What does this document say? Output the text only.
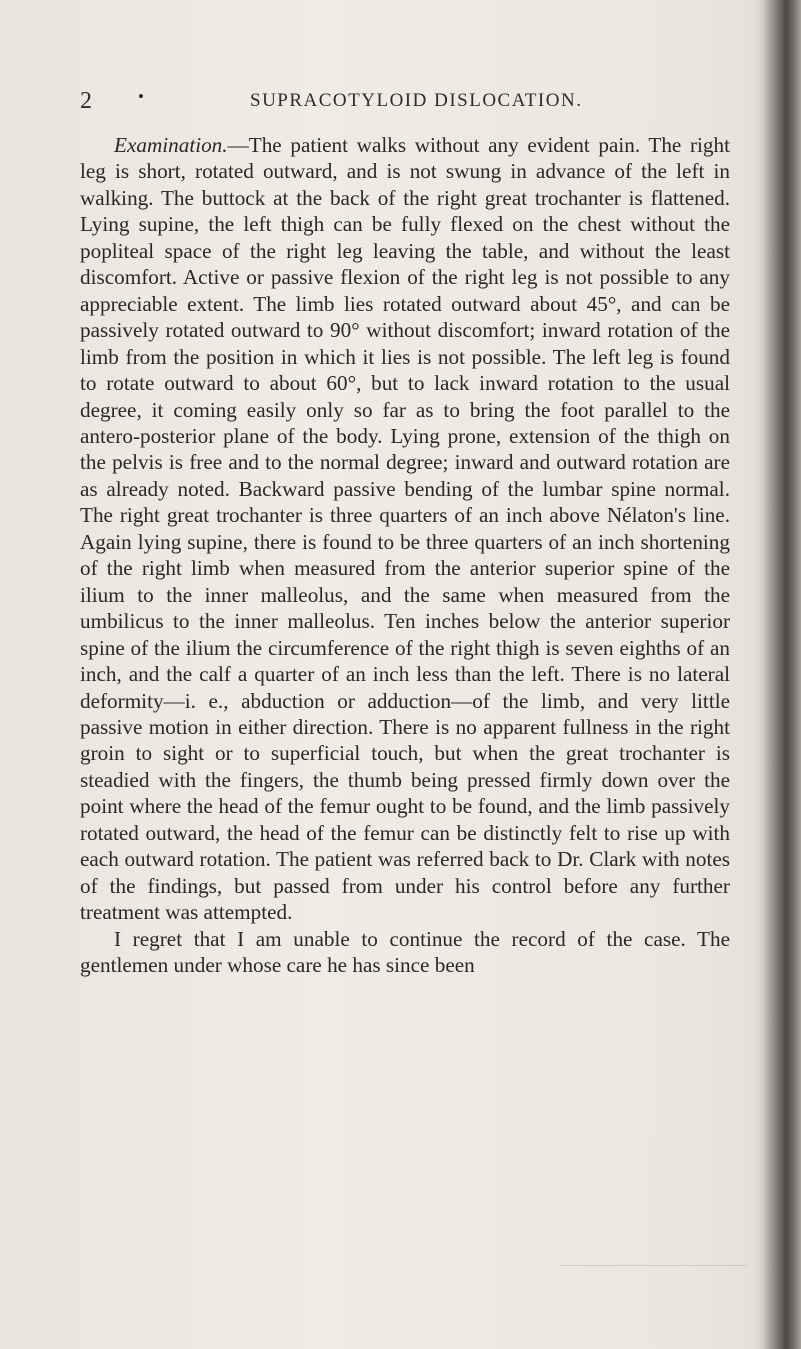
2	•	SUPRACOTYLOID DISLOCATION.

Examination.—The patient walks without any evident pain. The right leg is short, rotated outward, and is not swung in advance of the left in walking. The buttock at the back of the right great trochanter is flattened. Lying supine, the left thigh can be fully flexed on the chest without the popliteal space of the right leg leaving the table, and without the least discomfort. Active or passive flexion of the right leg is not possible to any appreciable extent. The limb lies rotated outward about 45°, and can be passively rotated outward to 90° without discomfort; inward rotation of the limb from the position in which it lies is not possible. The left leg is found to rotate outward to about 60°, but to lack inward rotation to the usual degree, it coming easily only so far as to bring the foot parallel to the antero-posterior plane of the body. Lying prone, extension of the thigh on the pelvis is free and to the normal degree; inward and outward rotation are as already noted. Backward passive bending of the lumbar spine normal. The right great trochanter is three quarters of an inch above Nélaton's line. Again lying supine, there is found to be three quarters of an inch shortening of the right limb when measured from the anterior superior spine of the ilium to the inner malleolus, and the same when measured from the umbilicus to the inner malleolus. Ten inches below the anterior superior spine of the ilium the circumference of the right thigh is seven eighths of an inch, and the calf a quarter of an inch less than the left. There is no lateral deformity—i. e., abduction or adduction—of the limb, and very little passive motion in either direction. There is no apparent fullness in the right groin to sight or to superficial touch, but when the great trochanter is steadied with the fingers, the thumb being pressed firmly down over the point where the head of the femur ought to be found, and the limb passively rotated outward, the head of the femur can be distinctly felt to rise up with each outward rotation. The patient was referred back to Dr. Clark with notes of the findings, but passed from under his control before any further treatment was attempted.

I regret that I am unable to continue the record of the case. The gentlemen under whose care he has since been
